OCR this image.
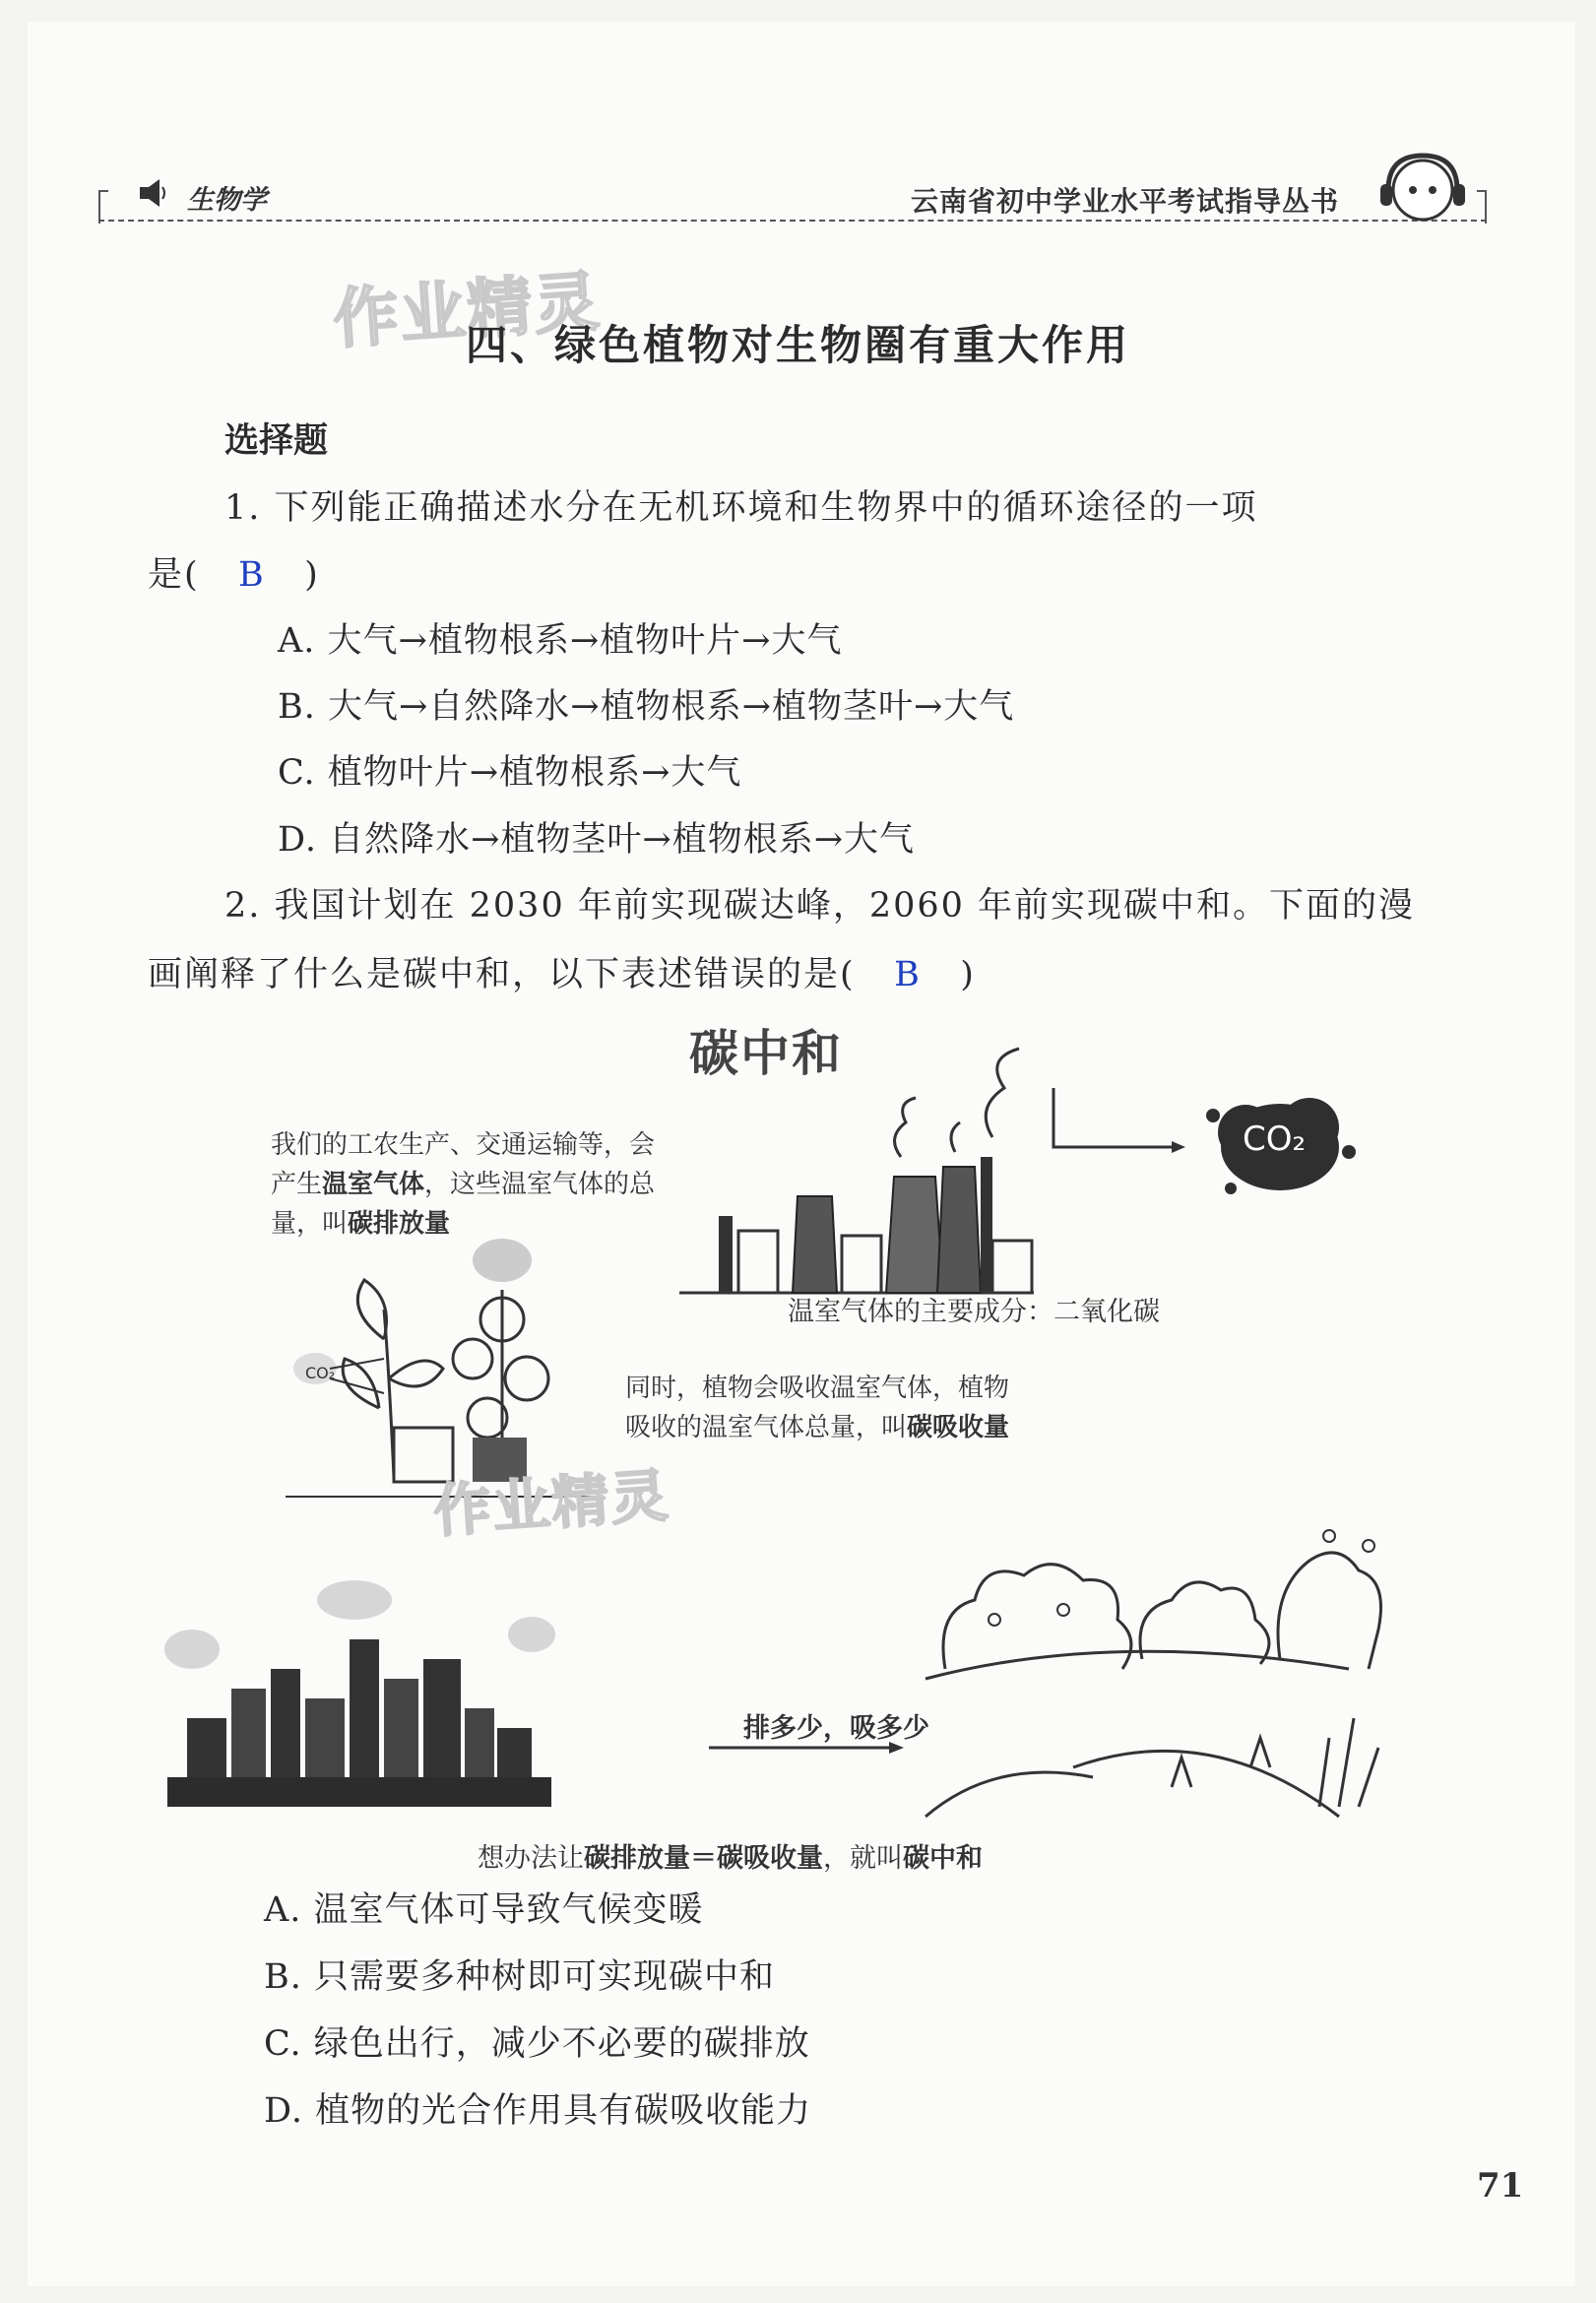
生物学	云南省初中学业水平考试指导丛书
作业精灵
四、绿色植物对生物圈有重大作用
选择题
1. 下列能正确描述水分在无机环境和生物界中的循环途径的一项
是( B )
A. 大气→植物根系→植物叶片→大气
B. 大气→自然降水→植物根系→植物茎叶→大气
C. 植物叶片→植物根系→大气
D. 自然降水→植物茎叶→植物根系→大气
2. 我国计划在 2030 年前实现碳达峰，2060 年前实现碳中和。下面的漫
画阐释了什么是碳中和，以下表述错误的是( B )
碳中和
我们的工农生产、交通运输等，会
产生温室气体，这些温室气体的总
量，叫碳排放量
CO₂
温室气体的主要成分：二氧化碳
CO₂
同时，植物会吸收温室气体，植物
吸收的温室气体总量，叫碳吸收量
作业精灵
排多少，吸多少
想办法让碳排放量＝碳吸收量，就叫碳中和
A. 温室气体可导致气候变暖
B. 只需要多种树即可实现碳中和
C. 绿色出行，减少不必要的碳排放
D. 植物的光合作用具有碳吸收能力
71
